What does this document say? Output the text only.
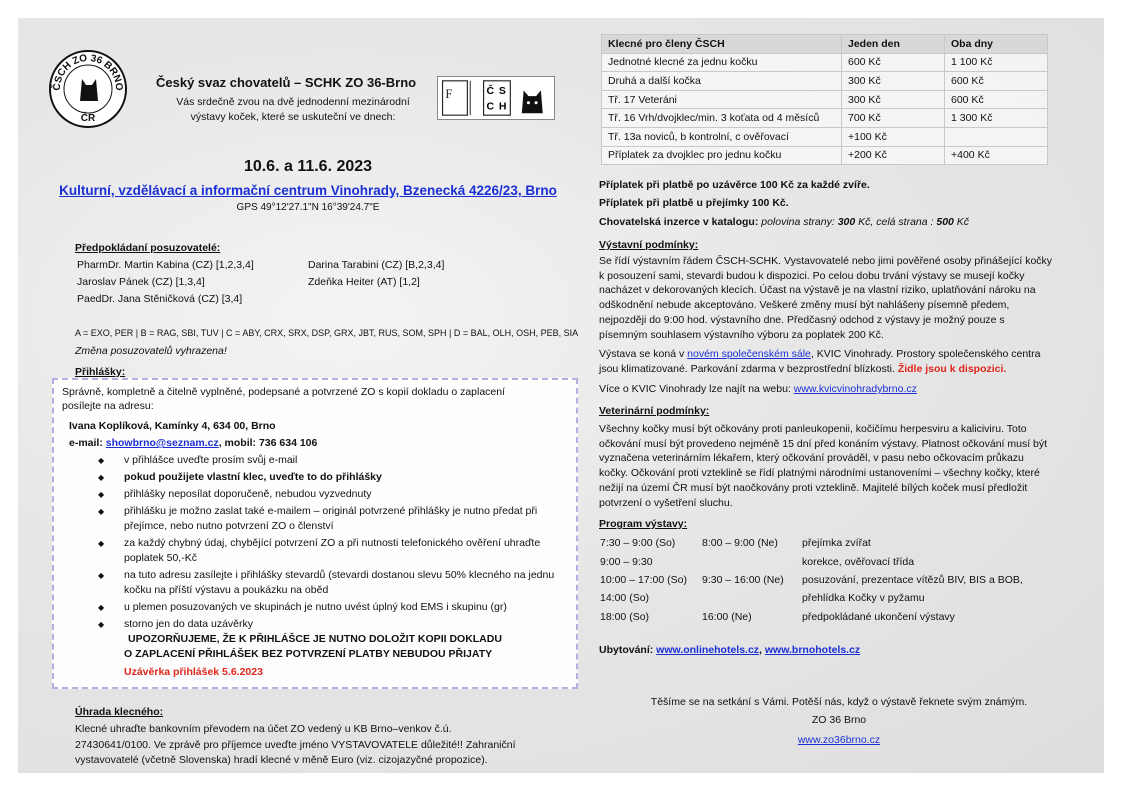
ČSCH ZO 36 BRNO
ČR
Český svaz chovatelů – SCHK ZO 36-Brno
Vás srdečně zvou na dvě jednodenní mezinárodní
výstavy koček, které se uskuteční ve dnech:
F	Č S
C H
10.6. a 11.6. 2023
Kulturní, vzdělávací a informační centrum Vinohrady, Bzenecká 4226/23, Brno
GPS 49°12'27.1"N 16°39'24.7"E
Předpokládaní posuzovatelé:
PharmDr. Martin Kabina (CZ) [1,2,3,4]
Jaroslav Pánek (CZ) [1,3,4]
PaedDr. Jana Stěničková (CZ) [3,4]
Darina Tarabini (CZ) [B,2,3,4]
Zdeňka Heiter (AT) [1,2]
A = EXO, PER | B = RAG, SBI, TUV | C = ABY, CRX, SRX, DSP, GRX, JBT, RUS, SOM, SPH | D = BAL, OLH, OSH, PEB, SIA
Změna posuzovatelů vyhrazena!
Přihlášky:
Správně, kompletně a čitelně vyplněné, podepsané a potvrzené ZO s kopií dokladu o zaplacení
posílejte na adresu:
Ivana Koplíková, Kamínky 4, 634 00, Brno
e-mail: showbrno@seznam.cz, mobil: 736 634 106
◆ v přihlášce uveďte prosím svůj e-mail
◆ pokud použijete vlastní klec, uveďte to do přihlášky
◆ přihlášky neposílat doporučeně, nebudou vyzvednuty
◆ přihlášku je možno zaslat také e-mailem – originál potvrzené přihlášky je nutno předat při
přejímce, nebo nutno potvrzení ZO o členství
◆ za každý chybný údaj, chybějící potvrzení ZO a při nutnosti telefonického ověření uhraďte
poplatek 50,-Kč
◆ na tuto adresu zasílejte i přihlášky stevardů (stevardi dostanou slevu 50% klecného na jednu
kočku na příští výstavu a poukázku na oběd
◆ u plemen posuzovaných ve skupinách je nutno uvést úplný kod EMS i skupinu (gr)
◆ storno jen do data uzávěrky
UPOZORŇUJEME, ŽE K PŘIHLÁŠCE JE NUTNO DOLOŽIT KOPII DOKLADU
O ZAPLACENÍ PŘIHLÁŠEK BEZ POTVRZENÍ PLATBY NEBUDOU PŘIJATY
Uzávěrka přihlášek 5.6.2023
Úhrada klecného:
Klecné uhraďte bankovním převodem na účet ZO vedený u KB Brno–venkov č.ú.
27430641/0100. Ve zprávě pro příjemce uveďte jméno VYSTAVOVATELE důležité!! Zahraniční
vystavovatelé (včetně Slovenska) hradí klecné v měně Euro (viz. cizojazyčné propozice).
Klecné pro členy ČSCH	Jeden den	Oba dny
Jednotné klecné za jednu kočku	600 Kč	1 100 Kč
Druhá a další kočka	300 Kč	600 Kč
Tř. 17 Veteráni	300 Kč	600 Kč
Tř. 16 Vrh/dvojklec/min. 3 koťata od 4 měsíců	700 Kč	1 300 Kč
Tř. 13a noviců, b kontrolní, c ověřovací	+100 Kč	
Příplatek za dvojklec pro jednu kočku	+200 Kč	+400 Kč
Příplatek při platbě po uzávěrce 100 Kč za každé zvíře.
Příplatek při platbě u přejímky 100 Kč.
Chovatelská inzerce v katalogu: polovina strany: 300 Kč, celá strana : 500 Kč
Výstavní podmínky:
Se řídí výstavním řádem ČSCH-SCHK. Vystavovatelé nebo jimi pověřené osoby přinášející kočky
k posouzení sami, stevardi budou k dispozici. Po celou dobu trvání výstavy se musejí kočky
nacházet v dekorovaných klecích. Účast na výstavě je na vlastní riziko, uplatňování nároku na
odškodnění nebude akceptováno. Veškeré změny musí být nahlášeny písemně předem,
nejpozději do 9:00 hod. výstavního dne. Předčasný odchod z výstavy je možný pouze s
písemným souhlasem výstavního výboru za poplatek 200 Kč.
Výstava se koná v novém společenském sále, KVIC Vinohrady. Prostory společenského centra
jsou klimatizované. Parkování zdarma v bezprostřední blízkosti. Židle jsou k dispozici.
Více o KVIC Vinohrady lze najít na webu: www.kvicvinohradybrno.cz
Veterinární podmínky:
Všechny kočky musí být očkovány proti panleukopenii, kočičímu herpesviru a kaliciviru. Toto
očkování musí být provedeno nejméně 15 dní před konáním výstavy. Platnost očkování musí být
vyznačena veterinárním lékařem, který očkování prováděl, v pasu nebo očkovacím průkazu
kočky. Očkování proti vzteklině se řídí platnými národními ustanoveními – všechny kočky, které
nežijí na území ČR musí být naočkovány proti vzteklině. Majitelé bílých koček musí předložit
potvrzení o vyšetření sluchu.
Program výstavy:
7:30 – 9:00 (So)	8:00 – 9:00 (Ne)	přejímka zvířat
9:00 – 9:30		korekce, ověřovací třída
10:00 – 17:00 (So)	9:30 – 16:00 (Ne)	posuzování, prezentace vítězů BIV, BIS a BOB,
14:00 (So)		přehlídka Kočky v pyžamu
18:00 (So)	16:00 (Ne)	předpokládané ukončení výstavy
Ubytování: www.onlinehotels.cz, www.brnohotels.cz
Těšíme se na setkání s Vámi. Potěší nás, když o výstavě řeknete svým známým.
ZO 36 Brno
www.zo36brno.cz
